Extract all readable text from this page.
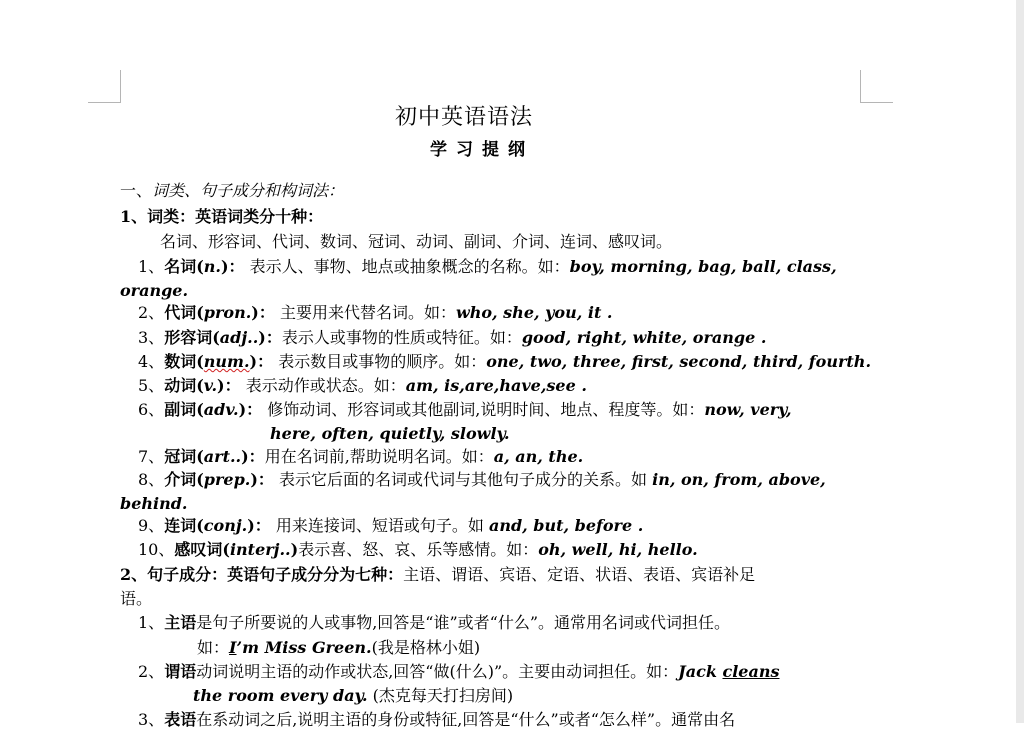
初中英语语法
学习提纲
一、词类、句子成分和构词法：
1、词类：英语词类分十种：
名词、形容词、代词、数词、冠词、动词、副词、介词、连词、感叹词。
1、名词(n.)： 表示人、事物、地点或抽象概念的名称。如：boy, morning, bag, ball, class,
orange.
2、代词(pron.)： 主要用来代替名词。如：who, she, you, it .
3、形容词(adj..)：表示人或事物的性质或特征。如：good, right, white, orange .
4、数词(num.)： 表示数目或事物的顺序。如：one, two, three, first, second, third, fourth.
5、动词(v.)： 表示动作或状态。如：am, is,are,have,see .
6、副词(adv.)： 修饰动词、形容词或其他副词,说明时间、地点、程度等。如：now, very,
here, often, quietly, slowly.
7、冠词(art..)：用在名词前,帮助说明名词。如：a, an, the.
8、介词(prep.)： 表示它后面的名词或代词与其他句子成分的关系。如 in, on, from, above,
behind.
9、连词(conj.)： 用来连接词、短语或句子。如 and, but, before .
10、感叹词(interj..)表示喜、怒、哀、乐等感情。如：oh, well, hi, hello.
2、句子成分：英语句子成分分为七种：主语、谓语、宾语、定语、状语、表语、宾语补足
语。
1、主语是句子所要说的人或事物,回答是“谁”或者“什么”。通常用名词或代词担任。
如：I’m Miss Green.(我是格林小姐)
2、谓语动词说明主语的动作或状态,回答“做(什么)”。主要由动词担任。如：Jack cleans
the room every day. (杰克每天打扫房间)
3、表语在系动词之后,说明主语的身份或特征,回答是“什么”或者“怎么样”。通常由名
